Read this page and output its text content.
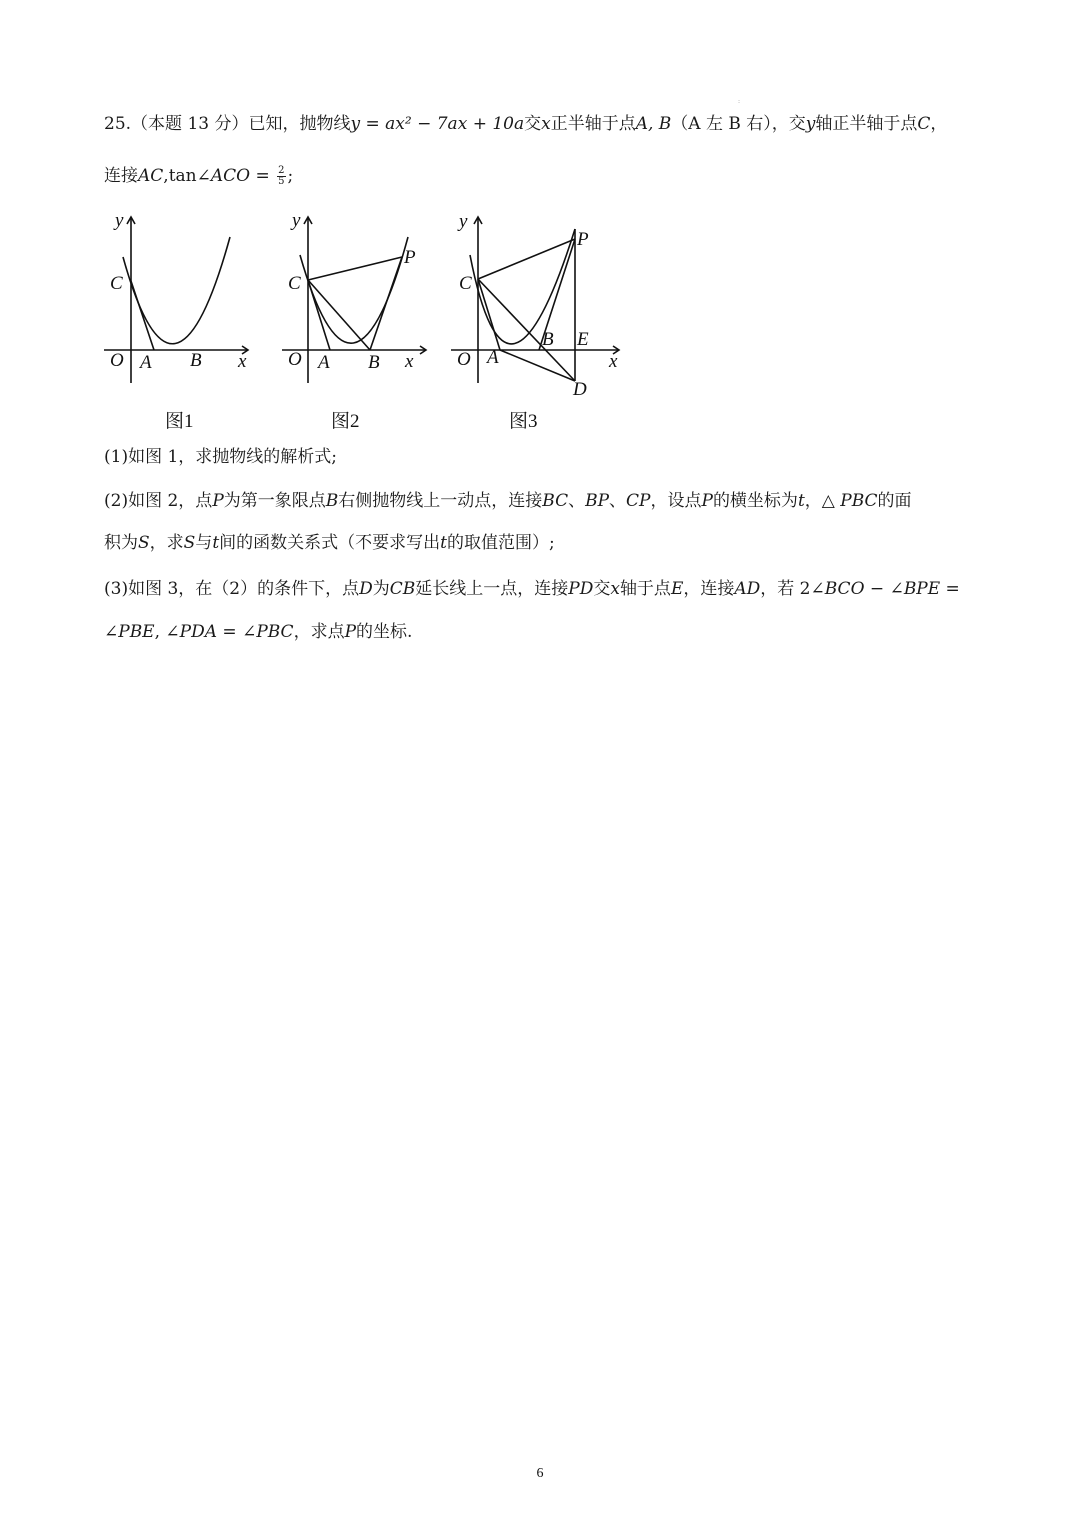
:
25.（本题 13 分）已知，抛物线y = ax² − 7ax + 10a交x正半轴于点A, B（A 左 B 右），交y轴正半轴于点C，
连接AC,tan∠ACO = $\frac{2}{5}$ ;
y
x
O A B
C
图1
y
x
O A B
C
P
图2
y
x
O A
B
C
P
E
D
图3
(1)如图 1，求抛物线的解析式;
(2)如图 2，点P为第一象限点B右侧抛物线上一动点，连接BC、BP、CP，设点P的横坐标为t，△ PBC的面
积为S，求S与t间的函数关系式（不要求写出t的取值范围）;
(3)如图 3，在（2）的条件下，点D为CB延长线上一点，连接PD交x轴于点E，连接AD，若 2∠BCO − ∠BPE =
∠PBE, ∠PDA = ∠PBC，求点P的坐标.
6
